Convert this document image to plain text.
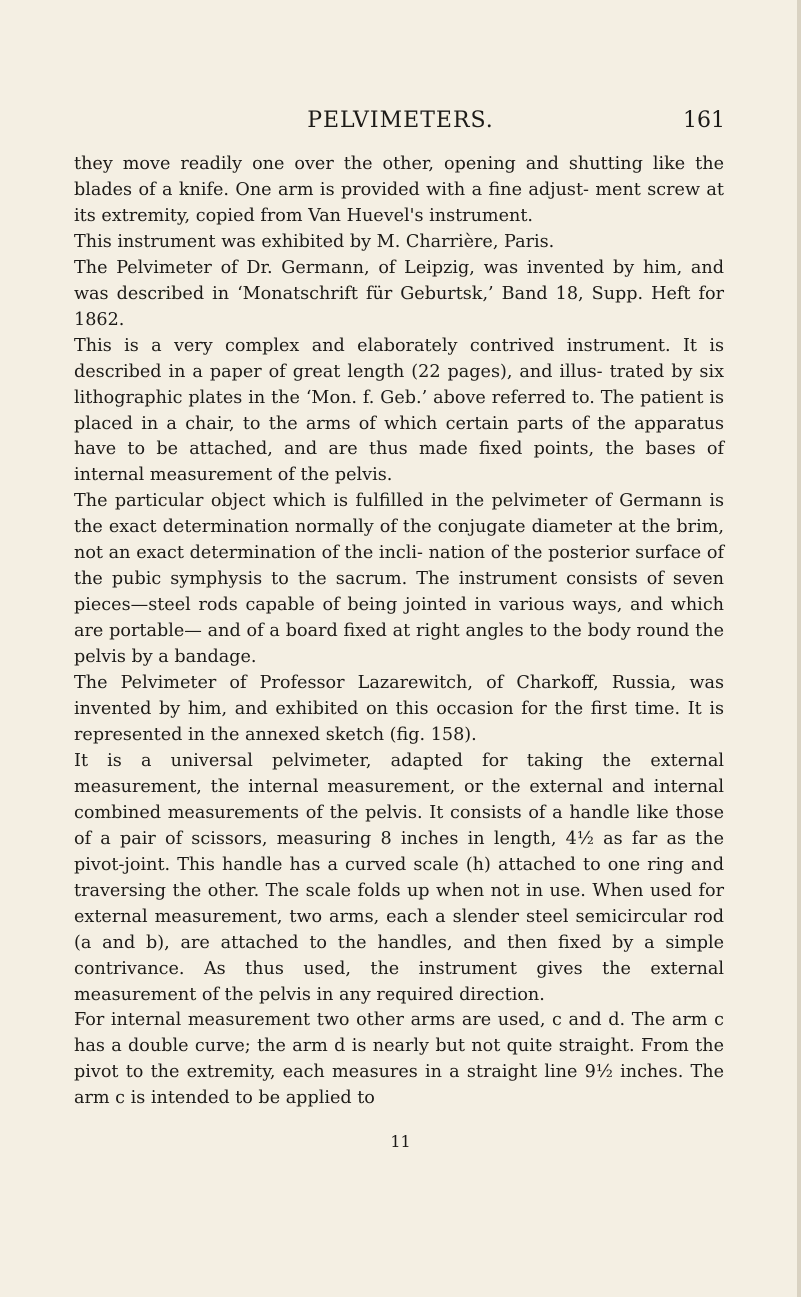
PELVIMETERS.	161

they move readily one over the other, opening and shutting like the blades of a knife. One arm is provided with a fine adjust- ment screw at its extremity, copied from Van Huevel's instrument.

This instrument was exhibited by M. Charrière, Paris.

The Pelvimeter of Dr. Germann, of Leipzig, was invented by him, and was described in ‘Monatschrift für Geburtsk,’ Band 18, Supp. Heft for 1862.

This is a very complex and elaborately contrived instrument. It is described in a paper of great length (22 pages), and illus- trated by six lithographic plates in the ‘Mon. f. Geb.’ above referred to. The patient is placed in a chair, to the arms of which certain parts of the apparatus have to be attached, and are thus made fixed points, the bases of internal measurement of the pelvis.

The particular object which is fulfilled in the pelvimeter of Germann is the exact determination normally of the conjugate diameter at the brim, not an exact determination of the incli- nation of the posterior surface of the pubic symphysis to the sacrum. The instrument consists of seven pieces—steel rods capable of being jointed in various ways, and which are portable— and of a board fixed at right angles to the body round the pelvis by a bandage.

The Pelvimeter of Professor Lazarewitch, of Charkoff, Russia, was invented by him, and exhibited on this occasion for the first time. It is represented in the annexed sketch (fig. 158).

It is a universal pelvimeter, adapted for taking the external measurement, the internal measurement, or the external and internal combined measurements of the pelvis. It consists of a handle like those of a pair of scissors, measuring 8 inches in length, 4½ as far as the pivot-joint. This handle has a curved scale (h) attached to one ring and traversing the other. The scale folds up when not in use. When used for external measurement, two arms, each a slender steel semicircular rod (a and b), are attached to the handles, and then fixed by a simple contrivance. As thus used, the instrument gives the external measurement of the pelvis in any required direction.

For internal measurement two other arms are used, c and d. The arm c has a double curve; the arm d is nearly but not quite straight. From the pivot to the extremity, each measures in a straight line 9½ inches. The arm c is intended to be applied to

11
